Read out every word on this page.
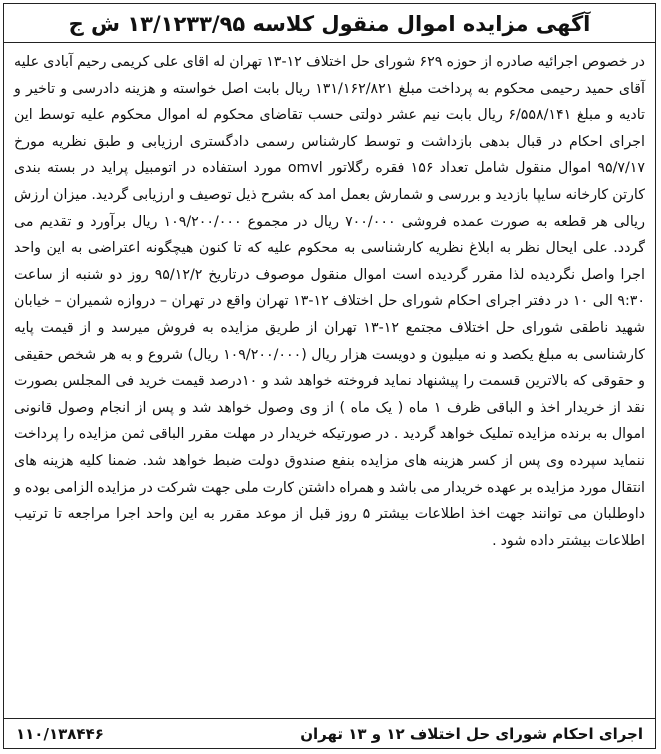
آگهی مزایده اموال منقول کلاسه ۱۳/۱۲۳۳/۹۵ ش ج

در خصوص اجرائیه صادره از حوزه ۶۲۹ شورای حل اختلاف ۱۲-۱۳ تهران له اقای علی کریمی رحیم آبادی علیه آقای حمید رحیمی محکوم به پرداخت مبلغ ۱۳۱/۱۶۲/۸۲۱ ریال بابت اصل خواسته و هزینه دادرسی و تاخیر و تادیه و مبلغ ۶/۵۵۸/۱۴۱ ریال بابت نیم عشر دولتی حسب تقاضای محکوم له اموال محکوم علیه توسط این اجرای احکام در قبال بدهی بازداشت و توسط کارشناس رسمی دادگستری ارزیابی و طبق نظریه مورخ ۹۵/۷/۱۷ اموال منقول شامل تعداد ۱۵۶ فقره رگلاتور omvl مورد استفاده در اتومبیل پراید در بسته بندی کارتن کارخانه سایپا بازدید و بررسی و شمارش بعمل امد که بشرح ذیل توصیف و ارزیابی گردید. میزان ارزش ریالی هر قطعه به صورت عمده فروشی ۷۰۰/۰۰۰ ریال در مجموع ۱۰۹/۲۰۰/۰۰۰ ریال برآورد و تقدیم می گردد. علی ایحال نظر به ابلاغ نظریه کارشناسی به محکوم علیه که تا کنون هیچگونه اعتراضی به این واحد اجرا واصل نگردیده لذا مقرر گردیده است اموال منقول موصوف درتاریخ ۹۵/۱۲/۲ روز دو شنبه از ساعت ۹:۳۰ الی ۱۰ در دفتر اجرای احکام شورای حل اختلاف ۱۲-۱۳ تهران واقع در تهران – دروازه شمیران – خیابان شهید ناطقی شورای حل اختلاف مجتمع ۱۲-۱۳ تهران از طریق مزایده به فروش میرسد و از قیمت پایه کارشناسی به مبلغ یکصد و نه میلیون و دویست هزار ریال (۱۰۹/۲۰۰/۰۰۰ ریال) شروع و به هر شخص حقیقی و حقوقی که بالاترین قسمت را پیشنهاد نماید فروخته خواهد شد و ۱۰درصد قیمت خرید فی المجلس بصورت نقد از خریدار اخذ و الباقی ظرف ۱ ماه ( یک ماه ) از وی وصول خواهد شد و پس از انجام وصول قانونی اموال به برنده مزایده تملیک خواهد گردید . در صورتیکه خریدار در مهلت مقرر الباقی ثمن مزایده را پرداخت ننماید سپرده وی پس از کسر هزینه های مزایده بنفع صندوق دولت ضبط خواهد شد. ضمنا کلیه هزینه های انتقال مورد مزایده بر عهده خریدار می باشد و همراه داشتن کارت ملی جهت شرکت در مزایده الزامی بوده و داوطلبان می توانند جهت اخذ اطلاعات بیشتر ۵ روز قبل از موعد مقرر به این واحد اجرا مراجعه تا ترتیب اطلاعات بیشتر داده شود .

اجرای احکام شورای حل اختلاف ۱۲ و ۱۳ تهران
۱۱۰/۱۳۸۴۴۶
